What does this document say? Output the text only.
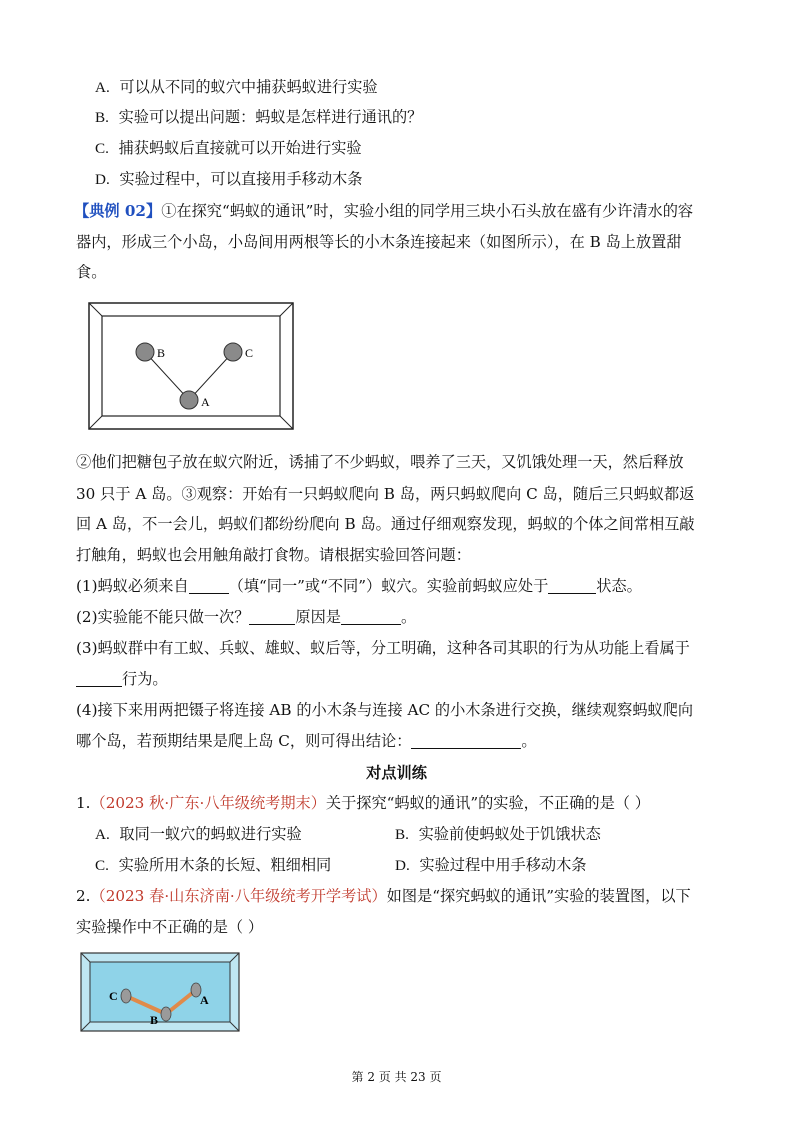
A. 可以从不同的蚁穴中捕获蚂蚁进行实验
B. 实验可以提出问题：蚂蚁是怎样进行通讯的？
C. 捕获蚂蚁后直接就可以开始进行实验
D. 实验过程中，可以直接用手移动木条
【典例 02】①在探究“蚂蚁的通讯”时，实验小组的同学用三块小石头放在盛有少许清水的容
器内，形成三个小岛，小岛间用两根等长的小木条连接起来（如图所示），在 B 岛上放置甜
食。
B	C
A
②他们把糖包子放在蚁穴附近，诱捕了不少蚂蚁，喂养了三天，又饥饿处理一天，然后释放
30 只于 A 岛。③观察：开始有一只蚂蚁爬向 B 岛，两只蚂蚁爬向 C 岛，随后三只蚂蚁都返
回 A 岛，不一会儿，蚂蚁们都纷纷爬向 B 岛。通过仔细观察发现，蚂蚁的个体之间常相互敲
打触角，蚂蚁也会用触角敲打食物。请根据实验回答问题：
(1)蚂蚁必须来自	（填“同一”或“不同”）蚁穴。实验前蚂蚁应处于	状态。
(2)实验能不能只做一次？	原因是	。
(3)蚂蚁群中有工蚁、兵蚁、雄蚁、蚁后等，分工明确，这种各司其职的行为从功能上看属于
行为。
(4)接下来用两把镊子将连接 AB 的小木条与连接 AC 的小木条进行交换，继续观察蚂蚁爬向
哪个岛，若预期结果是爬上岛 C，则可得出结论：	。
对点训练
1.（2023 秋·广东·八年级统考期末）关于探究“蚂蚁的通讯”的实验，不正确的是（ ）
A. 取同一蚁穴的蚂蚁进行实验	B. 实验前使蚂蚁处于饥饿状态
C. 实验所用木条的长短、粗细相同	D. 实验过程中用手移动木条
2.（2023 春·山东济南·八年级统考开学考试）如图是“探究蚂蚁的通讯”实验的装置图，以下
实验操作中不正确的是（ ）
C	A
B
第 2 页 共 23 页
